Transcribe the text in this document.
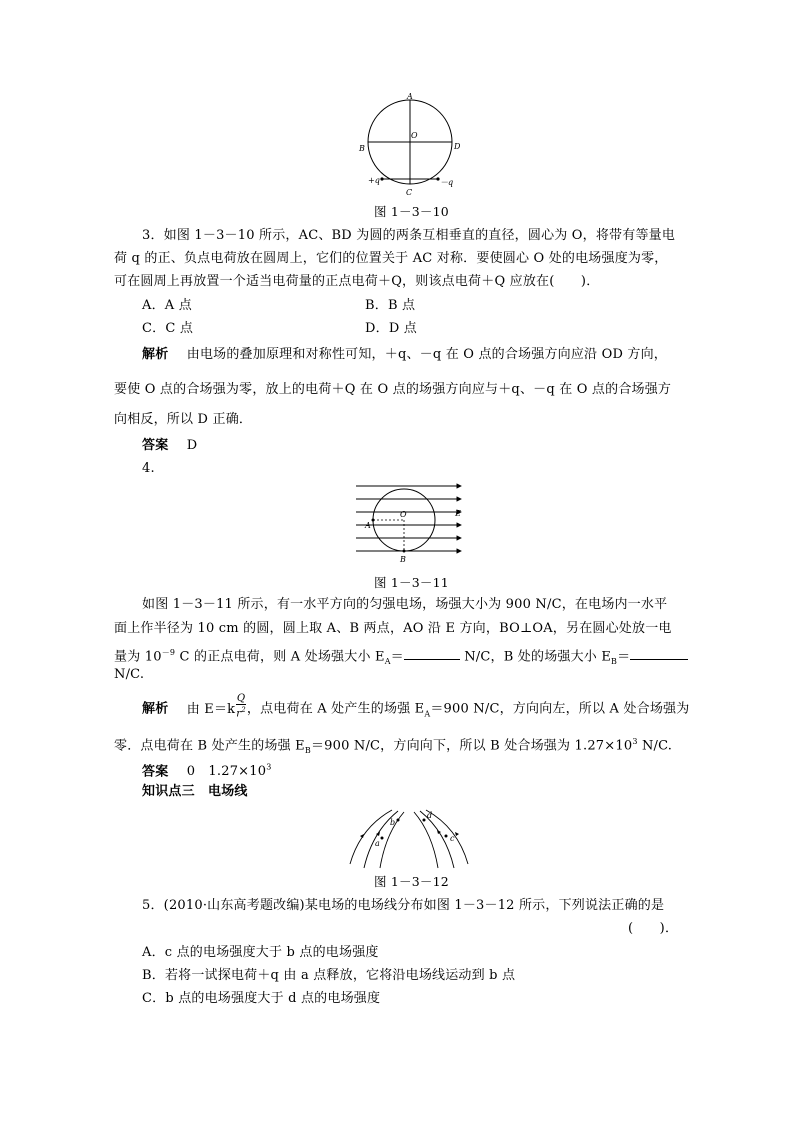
A
O
B	D
C
+q	－q
图 1－3－10
3．如图 1－3－10 所示，AC、BD 为圆的两条互相垂直的直径，圆心为 O，将带有等量电
荷 q 的正、负点电荷放在圆周上，它们的位置关于 AC 对称．要使圆心 O 处的电场强度为零，
可在圆周上再放置一个适当电荷量的正点电荷＋Q，则该点电荷＋Q 应放在(　　)．
A．A 点	B．B 点
C．C 点	D．D 点
解析 由电场的叠加原理和对称性可知，＋q、－q 在 O 点的合场强方向应沿 OD 方向，
要使 O 点的合场强为零，放上的电荷＋Q 在 O 点的场强方向应与＋q、－q 在 O 点的合场强方
向相反，所以 D 正确．
答案 D
4.
O
A
B
E
图 1－3－11
如图 1－3－11 所示，有一水平方向的匀强电场，场强大小为 900 N/C，在电场内一水平
面上作半径为 10 cm 的圆，圆上取 A、B 两点，AO 沿 E 方向，BO⊥OA，另在圆心处放一电
量为 $10^{-9}$ C 的正点电荷，则 A 处场强大小 $E_A=$	N/C，B 处的场强大小 $E_B=$
N/C.
解析 由 $E=k \frac{Q}{r^2}$ ，点电荷在 A 处产生的场强 $E_A=900$ N/C，方向向左，所以 A 处合场强为
零．点电荷在 B 处产生的场强 $E_B=900$ N/C，方向向下，所以 B 处合场强为 $1.27\times 10^3$ N/C.
答案 0　$1.27\times 10^3$
知识点三　电场线
a
b
c
d
图 1－3－12
5．(2010·山东高考题改编)某电场的电场线分布如图 1－3－12 所示，下列说法正确的是
(　　)．
A．c 点的电场强度大于 b 点的电场强度
B．若将一试探电荷＋q 由 a 点释放，它将沿电场线运动到 b 点
C．b 点的电场强度大于 d 点的电场强度
